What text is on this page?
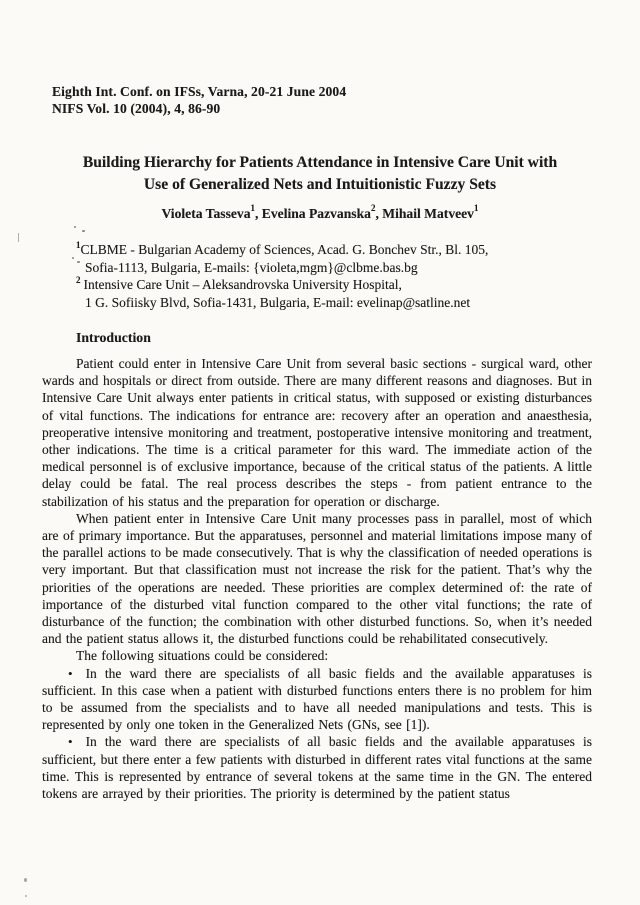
Eighth Int. Conf. on IFSs, Varna, 20-21 June 2004
NIFS Vol. 10 (2004), 4, 86-90
Building Hierarchy for Patients Attendance in Intensive Care Unit with
Use of Generalized Nets and Intuitionistic Fuzzy Sets
Violeta Tasseva$^1$, Evelina Pazvanska$^2$, Mihail Matveev$^1$
$^1$CLBME - Bulgarian Academy of Sciences, Acad. G. Bonchev Str., Bl. 105,
Sofia-1113, Bulgaria, E-mails: {violeta,mgm}@clbme.bas.bg
$^2$ Intensive Care Unit – Aleksandrovska University Hospital,
1 G. Sofiisky Blvd, Sofia-1431, Bulgaria, E-mail: evelinap@satline.net
Introduction

Patient could enter in Intensive Care Unit from several basic sections - surgical ward, other wards and hospitals or direct from outside. There are many different reasons and diagnoses. But in Intensive Care Unit always enter patients in critical status, with supposed or existing disturbances of vital functions. The indications for entrance are: recovery after an operation and anaesthesia, preoperative intensive monitoring and treatment, postoperative intensive monitoring and treatment, other indications. The time is a critical parameter for this ward. The immediate action of the medical personnel is of exclusive importance, because of the critical status of the patients. A little delay could be fatal. The real process describes the steps - from patient entrance to the stabilization of his status and the preparation for operation or discharge.

When patient enter in Intensive Care Unit many processes pass in parallel, most of which are of primary importance. But the apparatuses, personnel and material limitations impose many of the parallel actions to be made consecutively. That is why the classification of needed operations is very important. But that classification must not increase the risk for the patient. That’s why the priorities of the operations are needed. These priorities are complex determined of: the rate of importance of the disturbed vital function compared to the other vital functions; the rate of disturbance of the function; the combination with other disturbed functions. So, when it’s needed and the patient status allows it, the disturbed functions could be rehabilitated consecutively.

The following situations could be considered:

• In the ward there are specialists of all basic fields and the available apparatuses is sufficient. In this case when a patient with disturbed functions enters there is no problem for him to be assumed from the specialists and to have all needed manipulations and tests. This is represented by only one token in the Generalized Nets (GNs, see [1]).

• In the ward there are specialists of all basic fields and the available apparatuses is sufficient, but there enter a few patients with disturbed in different rates vital functions at the same time. This is represented by entrance of several tokens at the same time in the GN. The entered tokens are arrayed by their priorities. The priority is determined by the patient status
